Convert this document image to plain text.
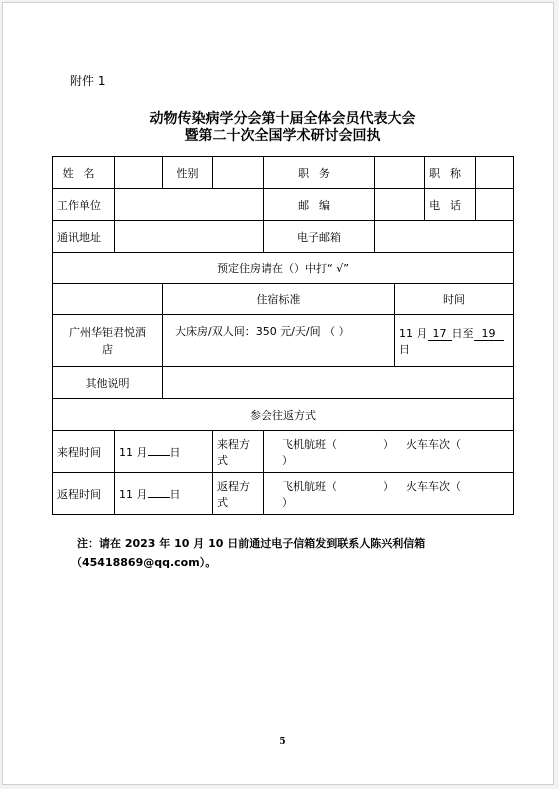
附件 1
动物传染病学分会第十届全体会员代表大会
暨第二十次全国学术研讨会回执
姓名		性别		职务			职称	
工作单位				邮编			电话	
通讯地址				电子邮箱				
预定住房请在（）中打“ √”								
		住宿标准				时间		

广州华钜君悦酒店		大床房/双人间：350 元/天/间 （ ）				11 月 17 日至 19日		
其他说明								
参会往返方式								
来程时间	11 月 日		来程方式	飞机航班（ ） 火车车次（）				
返程时间	11 月 日		返程方式	飞机航班（ ） 火车车次（）				
注：请在 2023 年 10 月 10 日前通过电子信箱发到联系人陈兴利信箱
（45418869@qq.com）。
5
